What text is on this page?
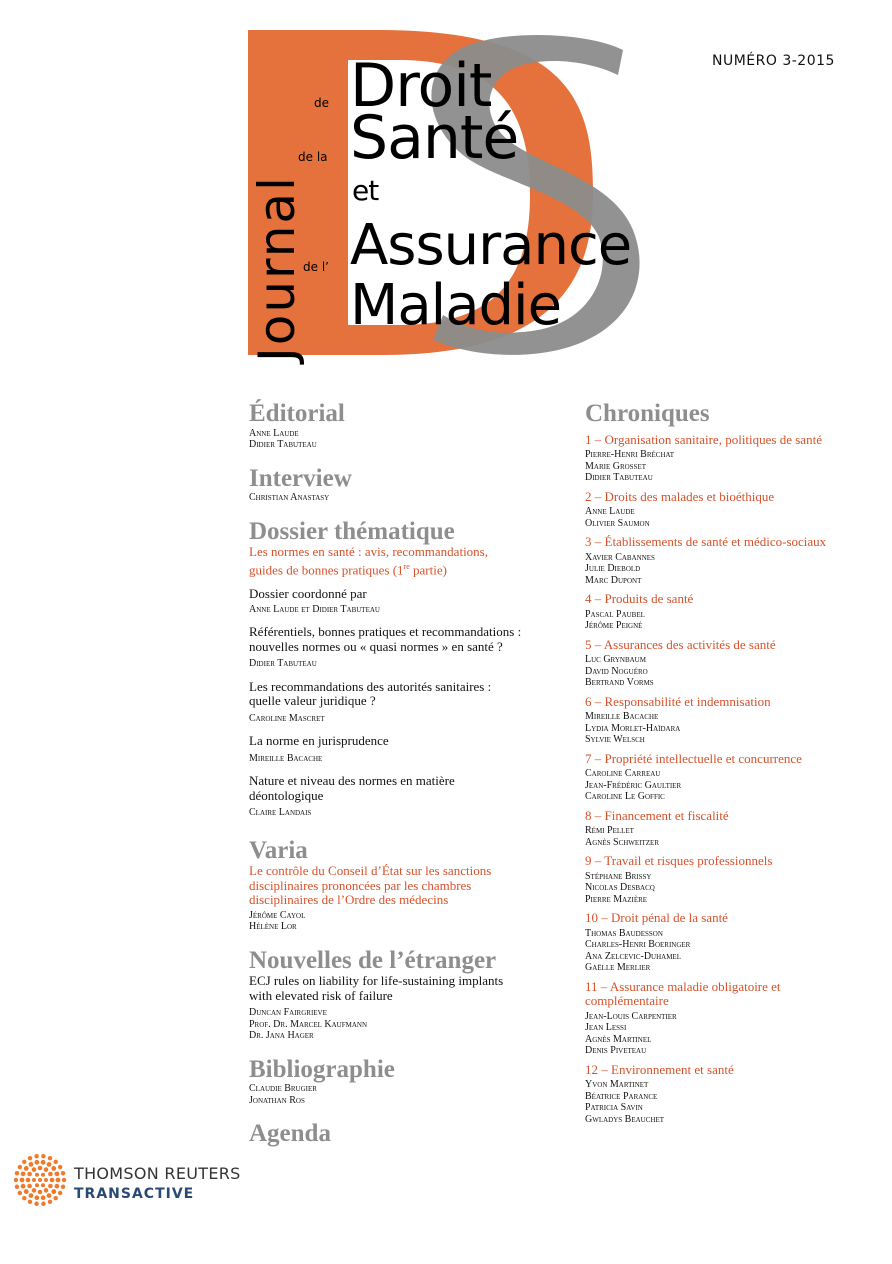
Journal
de
de la
de l’
Droit
Santé
et
Assurance
Maladie
NUMÉRO 3-2015
Éditorial
Anne Laude
Didier Tabuteau
Interview
Christian Anastasy
Dossier thématique
Les normes en santé : avis, recommandations,
guides de bonnes pratiques (1re partie)
Dossier coordonné par
Anne Laude et Didier Tabuteau
Référentiels, bonnes pratiques et recommandations :
nouvelles normes ou « quasi normes » en santé ?
Didier Tabuteau
Les recommandations des autorités sanitaires :
quelle valeur juridique ?
Caroline Mascret
La norme en jurisprudence
Mireille Bacache
Nature et niveau des normes en matière
déontologique
Claire Landais
Varia
Le contrôle du Conseil d’État sur les sanctions
disciplinaires prononcées par les chambres
disciplinaires de l’Ordre des médecins
Jérôme Cayol
Hélène Lor
Nouvelles de l’étranger
ECJ rules on liability for life-sustaining implants
with elevated risk of failure
Duncan Fairgrieve
Prof. Dr. Marcel Kaufmann
Dr. Jana Hager
Bibliographie
Claudie Brugier
Jonathan Ros
Agenda
Chroniques
1 – Organisation sanitaire, politiques de santé
Pierre-Henri Bréchat
Marie Grosset
Didier Tabuteau
2 – Droits des malades et bioéthique
Anne Laude
Olivier Saumon
3 – Établissements de santé et médico-sociaux
Xavier Cabannes
Julie Diebold
Marc Dupont
4 – Produits de santé
Pascal Paubel
Jérôme Peigné
5 – Assurances des activités de santé
Luc Grynbaum
David Noguéro
Bertrand Vorms
6 – Responsabilité et indemnisation
Mireille Bacache
Lydia Morlet-Haïdara
Sylvie Welsch
7 – Propriété intellectuelle et concurrence
Caroline Carreau
Jean-Frédéric Gaultier
Caroline Le Goffic
8 – Financement et fiscalité
Rémi Pellet
Agnès Schweitzer
9 – Travail et risques professionnels
Stéphane Brissy
Nicolas Desbacq
Pierre Mazière
10 – Droit pénal de la santé
Thomas Baudesson
Charles-Henri Boeringer
Ana Zelcevic-Duhamel
Gaëlle Merlier
11 – Assurance maladie obligatoire et
complémentaire
Jean-Louis Carpentier
Jean Lessi
Agnès Martinel
Denis Piveteau
12 – Environnement et santé
Yvon Martinet
Béatrice Parance
Patricia Savin
Gwladys Beauchet
THOMSON REUTERS
TRANSACTIVE
